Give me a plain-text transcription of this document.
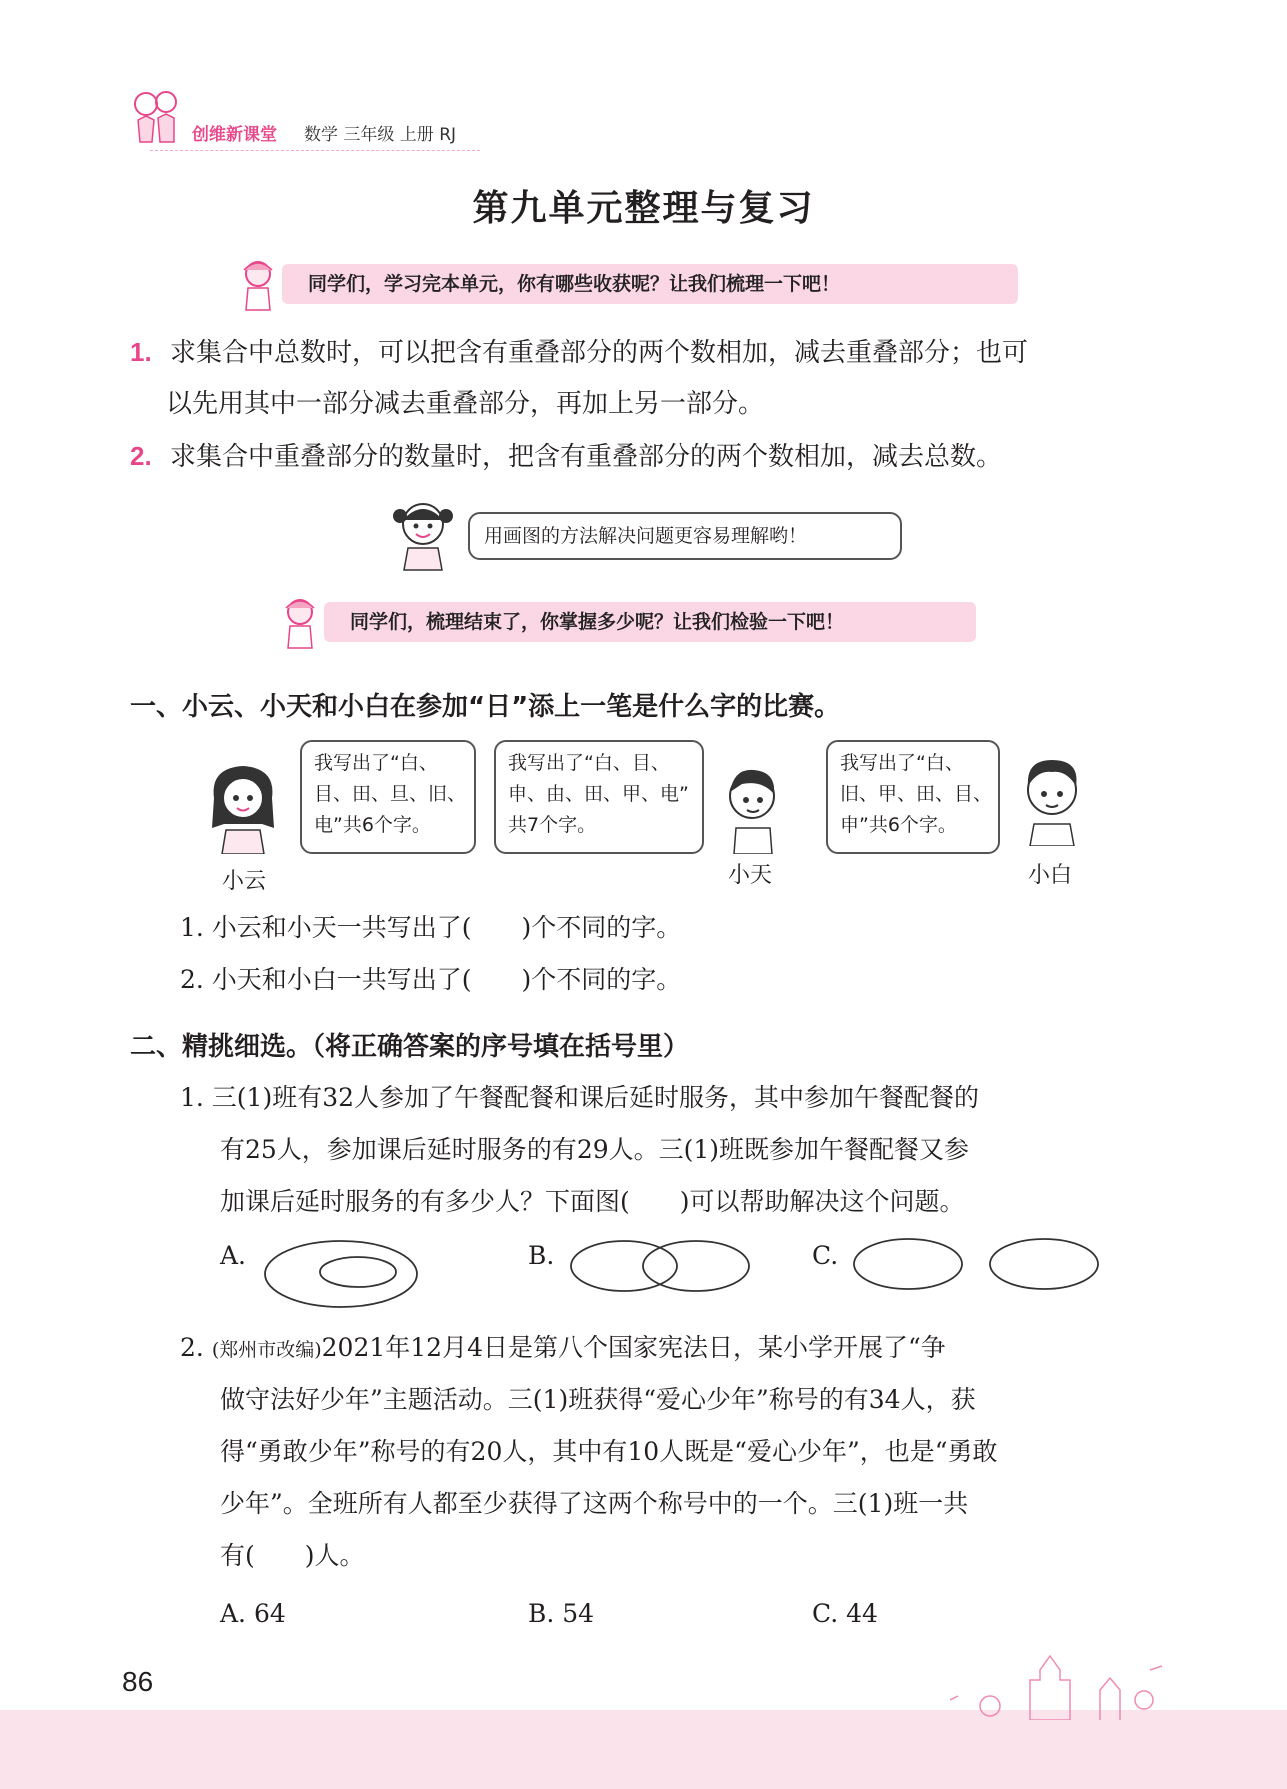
创维新课堂 数学 三年级 上册 RJ
第九单元整理与复习
同学们，学习完本单元，你有哪些收获呢？让我们梳理一下吧！
1. 求集合中总数时，可以把含有重叠部分的两个数相加，减去重叠部分；也可
以先用其中一部分减去重叠部分，再加上另一部分。
2. 求集合中重叠部分的数量时，把含有重叠部分的两个数相加，减去总数。
用画图的方法解决问题更容易理解哟！
同学们，梳理结束了，你掌握多少呢？让我们检验一下吧！
一、小云、小天和小白在参加“日”添上一笔是什么字的比赛。
我写出了“白、
目、田、旦、旧、
电”共6个字。
小云
我写出了“白、目、
申、由、田、甲、电”
共7个字。
小天
我写出了“白、
旧、甲、田、目、
申”共6个字。
小白
1. 小云和小天一共写出了(　　)个不同的字。
2. 小天和小白一共写出了(　　)个不同的字。
二、精挑细选。（将正确答案的序号填在括号里）
1. 三(1)班有32人参加了午餐配餐和课后延时服务，其中参加午餐配餐的
有25人，参加课后延时服务的有29人。三(1)班既参加午餐配餐又参
加课后延时服务的有多少人？下面图(　　)可以帮助解决这个问题。
A.	B.	C.
2. (郑州市改编)2021年12月4日是第八个国家宪法日，某小学开展了“争
做守法好少年”主题活动。三(1)班获得“爱心少年”称号的有34人，获
得“勇敢少年”称号的有20人，其中有10人既是“爱心少年”，也是“勇敢
少年”。全班所有人都至少获得了这两个称号中的一个。三(1)班一共
有(　　)人。
A. 64	B. 54	C. 44
86
